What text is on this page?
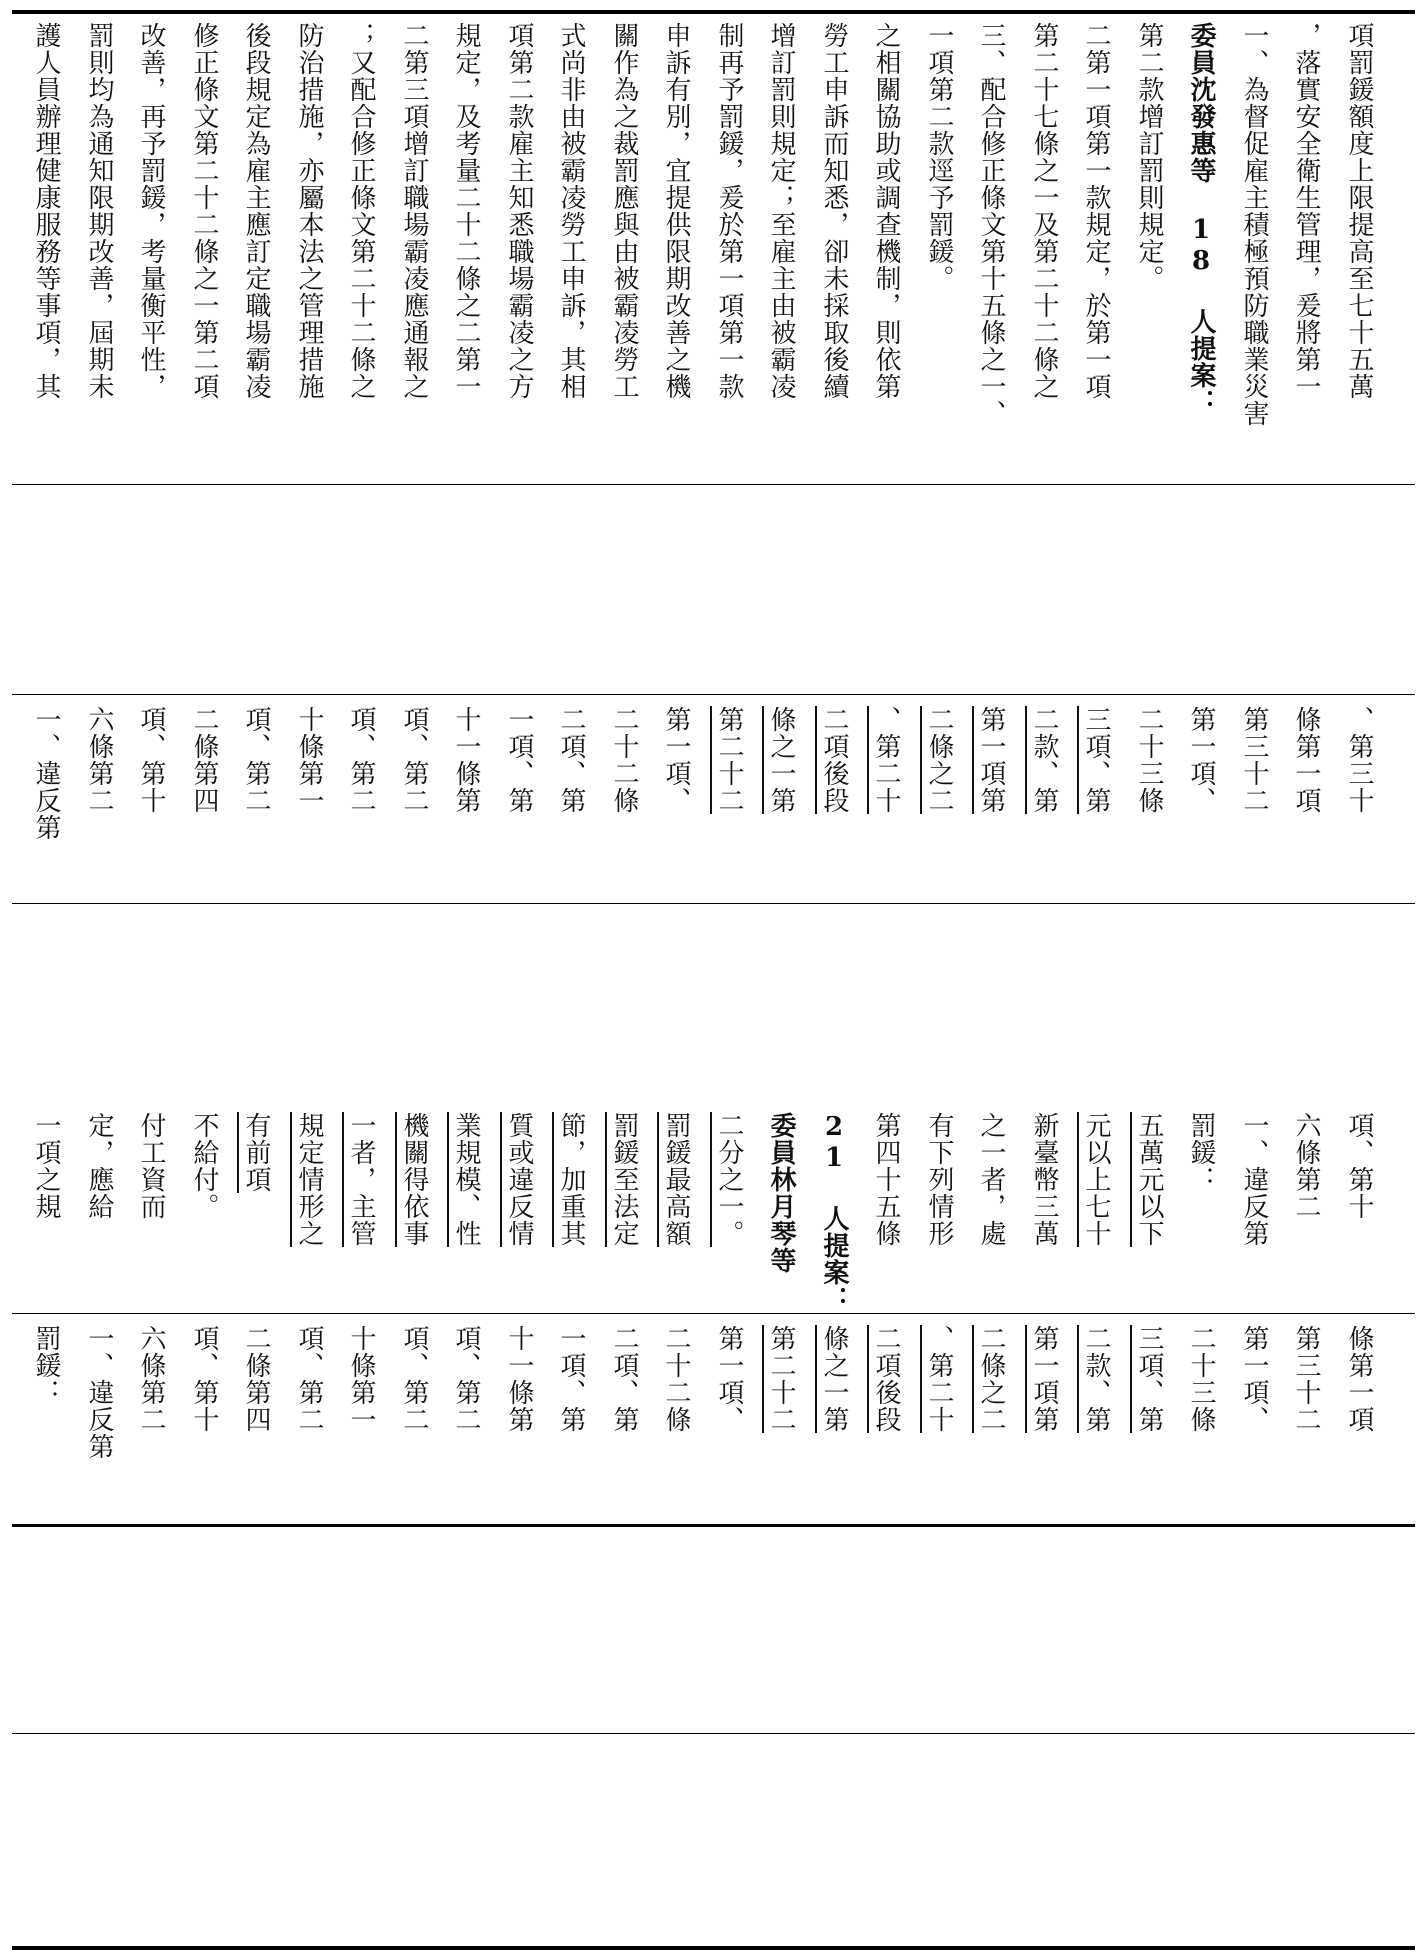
護人員辦理健康服務等事項，其 罰則均為通知限期改善，屆期未 改善，再予罰鍰，考量衡平性， 修正條文第二十二條之一第二項 後段規定為雇主應訂定職場霸凌 防治措施，亦屬本法之管理措施 ；又配合修正條文第二十二條之 二第三項增訂職場霸凌應通報之 規定，及考量二十二條之二第一 項第二款雇主知悉職場霸凌之方 式尚非由被霸凌勞工申訴，其相 關作為之裁罰應與由被霸凌勞工 申訴有別，宜提供限期改善之機 制再予罰鍰，爰於第一項第一款 增訂罰則規定；至雇主由被霸凌 勞工申訴而知悉，卻未採取後續 之相關協助或調查機制，則依第 一項第二款逕予罰鍰。 三、配合修正條文第十五條之一、 第二十七條之一及第二十二條之 二第一項第一款規定，於第一項 第二款增訂罰則規定。 委員沈發惠等 18 人提案： 一、為督促雇主積極預防職業災害 ，落實安全衛生管理，爰將第一 項罰鍰額度上限提高至七十五萬
一、違反第 六條第二 項、第十 二條第四 項、第二 十條第一 項、第二 項、第二 十一條第 一項、第 二項、第 二十二條 第一項、 第二十二 條之一第 二項後段 、第二十 二條之二 第一項第 二款、第 三項、第 二十三條 第一項、 第三十二 條第一項 、第三十
一項之規 定，應給 付工資而 不給付。 有前項 規定情形之 一者，主管 機關得依事 業規模、性 質或違反情 節，加重其 罰鍰至法定 罰鍰最高額 二分之一。 委員林月琴等 21 人提案： 第四十五條 有下列情形 之一者，處 新臺幣三萬 元以上七十 五萬元以下 罰鍰： 一、違反第 六條第二 項、第十
罰鍰： 一、違反第 六條第二 項、第十 二條第四 項、第二 十條第一 項、第二 項、第二 十一條第 一項、第 二項、第 二十二條 第一項、 第二十二 條之一第 二項後段 、第二十 二條之二 第一項第 二款、第 三項、第 二十三條 第一項、 第三十二 條第一項
